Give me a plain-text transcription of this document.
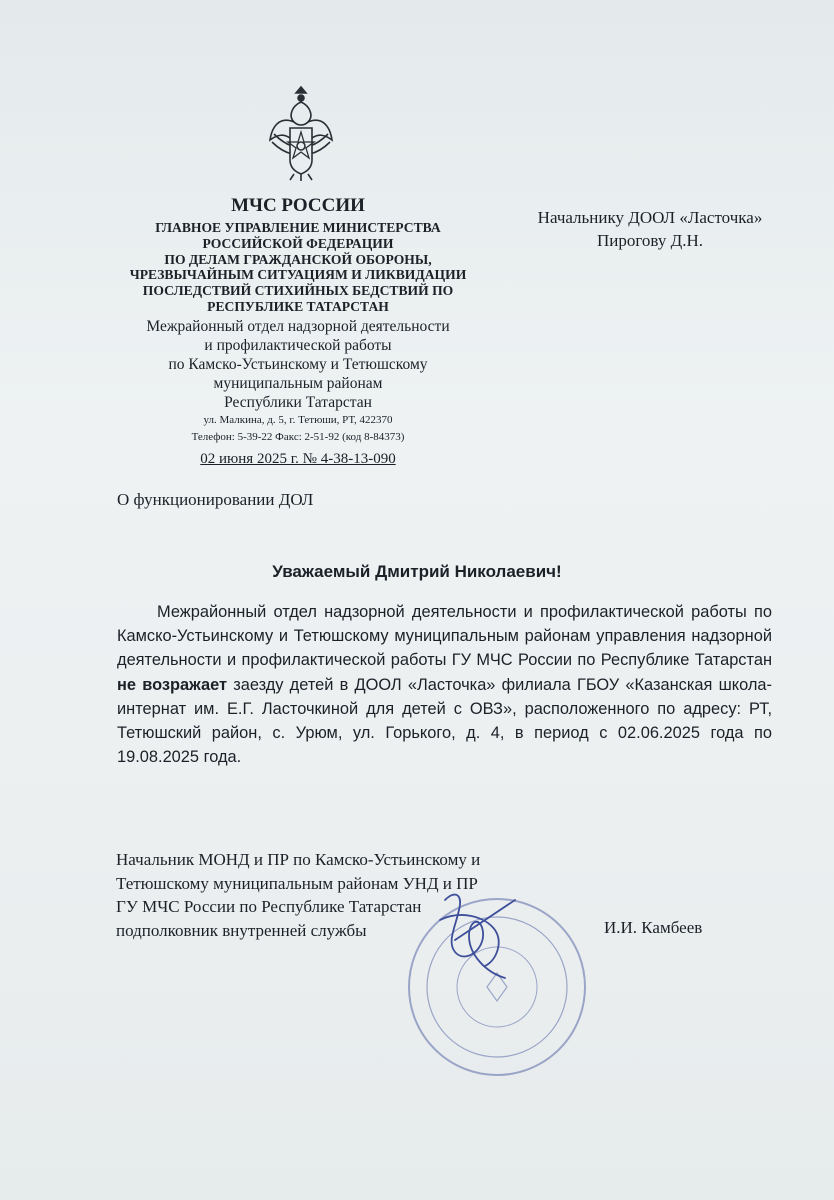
МЧС РОССИИ
ГЛАВНОЕ УПРАВЛЕНИЕ МИНИСТЕРСТВА
РОССИЙСКОЙ ФЕДЕРАЦИИ
ПО ДЕЛАМ ГРАЖДАНСКОЙ ОБОРОНЫ,
ЧРЕЗВЫЧАЙНЫМ СИТУАЦИЯМ И ЛИКВИДАЦИИ
ПОСЛЕДСТВИЙ СТИХИЙНЫХ БЕДСТВИЙ ПО
РЕСПУБЛИКЕ ТАТАРСТАН
Межрайонный отдел надзорной деятельности
и профилактической работы
по Камско-Устьинскому и Тетюшскому
муниципальным районам
Республики Татарстан
ул. Малкина, д. 5, г. Тетюши, РТ, 422370
Телефон: 5-39-22 Факс: 2-51-92 (код 8-84373)
02 июня 2025 г. № 4-38-13-090
Начальнику ДООЛ «Ласточка»
Пирогову Д.Н.
О функционировании ДОЛ
Уважаемый Дмитрий Николаевич!
Межрайонный отдел надзорной деятельности и профилактической работы по Камско-Устьинскому и Тетюшскому муниципальным районам управления надзорной деятельности и профилактической работы ГУ МЧС России по Республике Татарстан не возражает заезду детей в ДООЛ «Ласточка» филиала ГБОУ «Казанская школа-интернат им. Е.Г. Ласточкиной для детей с ОВЗ», расположенного по адресу: РТ, Тетюшский район, с. Урюм, ул. Горького, д. 4, в период с 02.06.2025 года по 19.08.2025 года.
Начальник МОНД и ПР по Камско-Устьинскому и
Тетюшскому муниципальным районам УНД и ПР
ГУ МЧС России по Республике Татарстан
подполковник внутренней службы	И.И. Камбеев
